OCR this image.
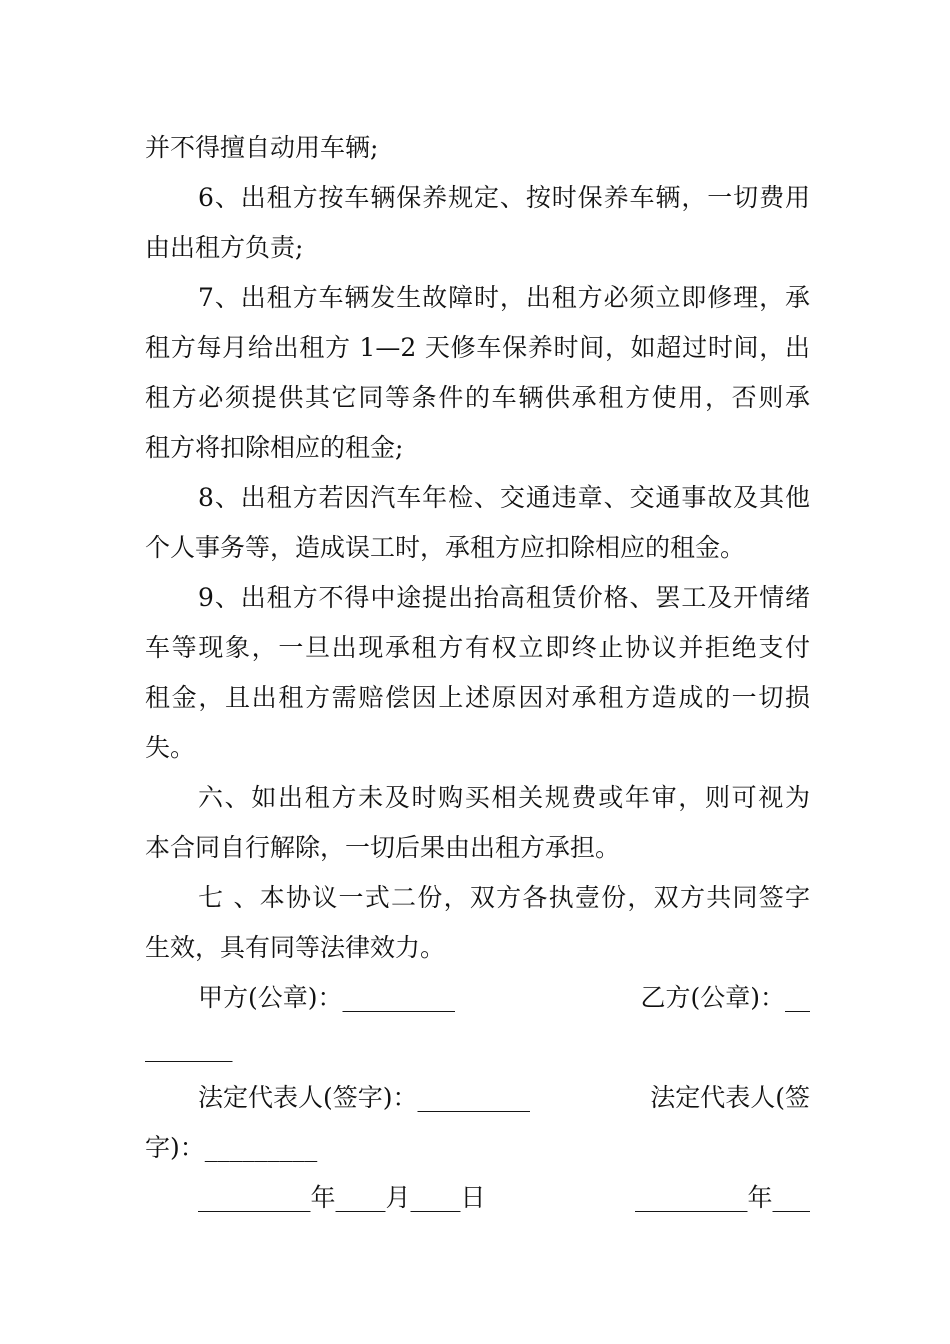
并不得擅自动用车辆;
6、出租方按车辆保养规定、按时保养车辆，一切费用
由出租方负责;
7、出租方车辆发生故障时，出租方必须立即修理，承
租方每月给出租方 1—2 天修车保养时间，如超过时间，出
租方必须提供其它同等条件的车辆供承租方使用，否则承
租方将扣除相应的租金;
8、出租方若因汽车年检、交通违章、交通事故及其他
个人事务等，造成误工时，承租方应扣除相应的租金。
9、出租方不得中途提出抬高租赁价格、罢工及开情绪
车等现象，一旦出现承租方有权立即终止协议并拒绝支付
租金，且出租方需赔偿因上述原因对承租方造成的一切损
失。
六、如出租方未及时购买相关规费或年审，则可视为
本合同自行解除，一切后果由出租方承担。
七 、本协议一式二份，双方各执壹份，双方共同签字
生效，具有同等法律效力。
甲方(公章)：_________	乙方(公章)：__
_______
法定代表人(签字)：_________	法定代表人(签
字)：_________
_________年____月____日	_________年___
